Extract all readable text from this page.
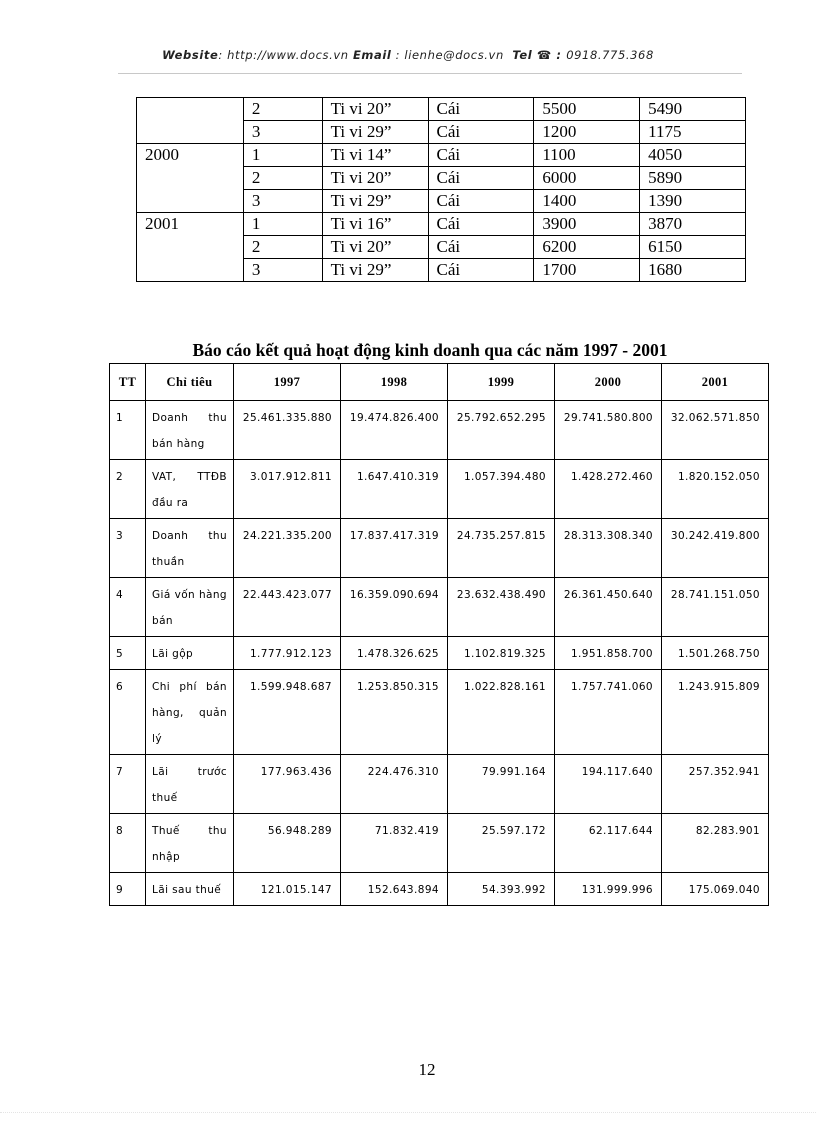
Website: http://www.docs.vn Email : lienhe@docs.vn Tel ☎ : 0918.775.368
	2	Ti vi 20”	Cái	5500	5490
	3	Ti vi 29”	Cái	1200	1175
2000	1	Ti vi 14”	Cái	1100	4050
	2	Ti vi 20”	Cái	6000	5890
	3	Ti vi 29”	Cái	1400	1390
2001	1	Ti vi 16”	Cái	3900	3870
	2	Ti vi 20”	Cái	6200	6150
	3	Ti vi 29”	Cái	1700	1680
Báo cáo kết quả hoạt động kinh doanh qua các năm 1997 - 2001
TT	Chỉ tiêu	1997	1998	1999	2000	2001
1	Doanh thu bán hàng	25.461.335.880	19.474.826.400	25.792.652.295	29.741.580.800	32.062.571.850
2	VAT, TTĐB đầu ra	3.017.912.811	1.647.410.319	1.057.394.480	1.428.272.460	1.820.152.050
3	Doanh thu thuần	24.221.335.200	17.837.417.319	24.735.257.815	28.313.308.340	30.242.419.800
4	Giá vốn hàng bán	22.443.423.077	16.359.090.694	23.632.438.490	26.361.450.640	28.741.151.050
5	Lãi gộp	1.777.912.123	1.478.326.625	1.102.819.325	1.951.858.700	1.501.268.750
6	Chi phí bán hàng, quản lý	1.599.948.687	1.253.850.315	1.022.828.161	1.757.741.060	1.243.915.809
7	Lãi trước thuế	177.963.436	224.476.310	79.991.164	194.117.640	257.352.941
8	Thuế thu nhập	56.948.289	71.832.419	25.597.172	62.117.644	82.283.901
9	Lãi sau thuế	121.015.147	152.643.894	54.393.992	131.999.996	175.069.040
12
